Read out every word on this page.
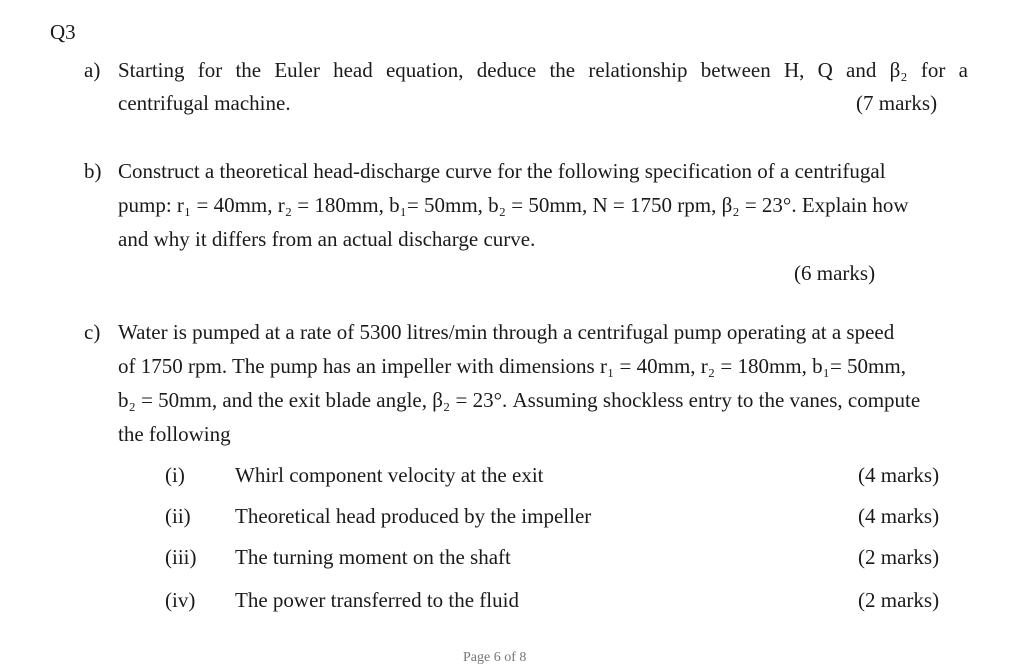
Q3
a) Starting for the Euler head equation, deduce the relationship between H, Q and β₂ for a
centrifugal machine.	(7 marks)
b) Construct a theoretical head-discharge curve for the following specification of a centrifugal
pump: r₁ = 40mm, r₂ = 180mm, b₁= 50mm, b₂ = 50mm, N = 1750 rpm, β₂ = 23°. Explain how
and why it differs from an actual discharge curve.
(6 marks)
c) Water is pumped at a rate of 5300 litres/min through a centrifugal pump operating at a speed
of 1750 rpm. The pump has an impeller with dimensions r₁ = 40mm, r₂ = 180mm, b₁= 50mm,
b₂ = 50mm, and the exit blade angle, β₂ = 23°. Assuming shockless entry to the vanes, compute
the following
(i) Whirl component velocity at the exit	(4 marks)
(ii) Theoretical head produced by the impeller	(4 marks)
(iii) The turning moment on the shaft	(2 marks)
(iv) The power transferred to the fluid	(2 marks)
Page 6 of 8
